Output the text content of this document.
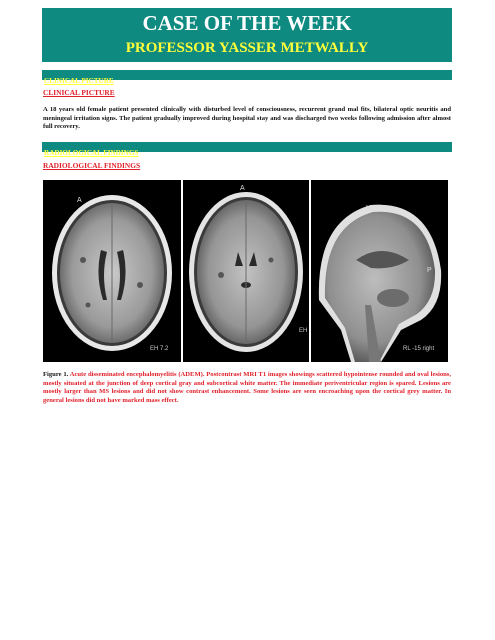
CASE OF THE WEEK
PROFESSOR YASSER METWALLY
CLINICAL PICTURE
CLINICAL PICTURE
A 18 years old female patient presented clinically with disturbed level of consciousness, recurrent grand mal fits, bilateral optic neuritis and meningeal irritation signs. The patient gradually improved during hospital stay and was discharged two weeks following admission after almost full recovery.
RADIOLOGICAL FINDINGS
RADIOLOGICAL FINDINGS
A
EH 7.2
A
EH
H
P
S
RL -15 right
Figure 1. Acute disseminated encephalomyelitis (ADEM). Postcontrast MRI T1 images showings scattered hypointense rounded and oval lesions, mostly situated at the junction of deep cortical gray and subcortical white matter. The immediate periventricular region is spared. Lesions are mostly larger than MS lesions and did not show contrast enhancement. Some lesions are seen encroaching upon the cortical grey matter. In general lesions did not have marked mass effect.
